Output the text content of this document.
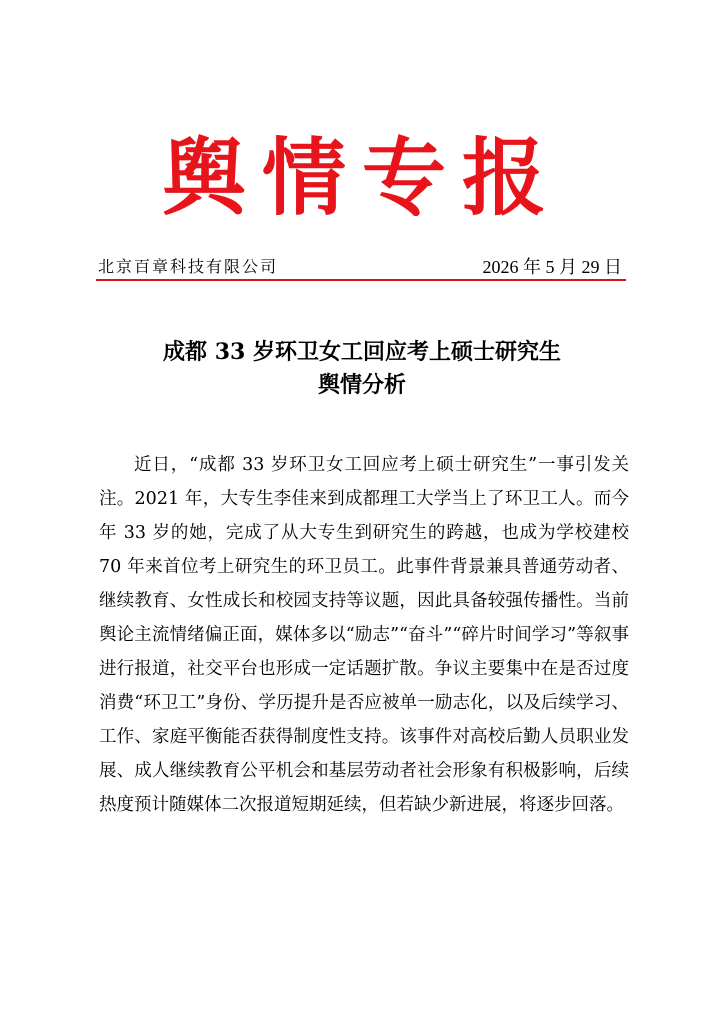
舆情专报
北京百章科技有限公司	2026 年 5 月 29 日
成都 33 岁环卫女工回应考上硕士研究生
舆情分析

近日，“成都 33 岁环卫女工回应考上硕士研究生”一事引发关注。2021 年，大专生李佳来到成都理工大学当上了环卫工人。而今年 33 岁的她，完成了从大专生到研究生的跨越，也成为学校建校 70 年来首位考上研究生的环卫员工。此事件背景兼具普通劳动者、继续教育、女性成长和校园支持等议题，因此具备较强传播性。当前舆论主流情绪偏正面，媒体多以“励志”“奋斗”“碎片时间学习”等叙事进行报道，社交平台也形成一定话题扩散。争议主要集中在是否过度消费“环卫工”身份、学历提升是否应被单一励志化，以及后续学习、工作、家庭平衡能否获得制度性支持。该事件对高校后勤人员职业发展、成人继续教育公平机会和基层劳动者社会形象有积极影响，后续热度预计随媒体二次报道短期延续，但若缺少新进展，将逐步回落。
